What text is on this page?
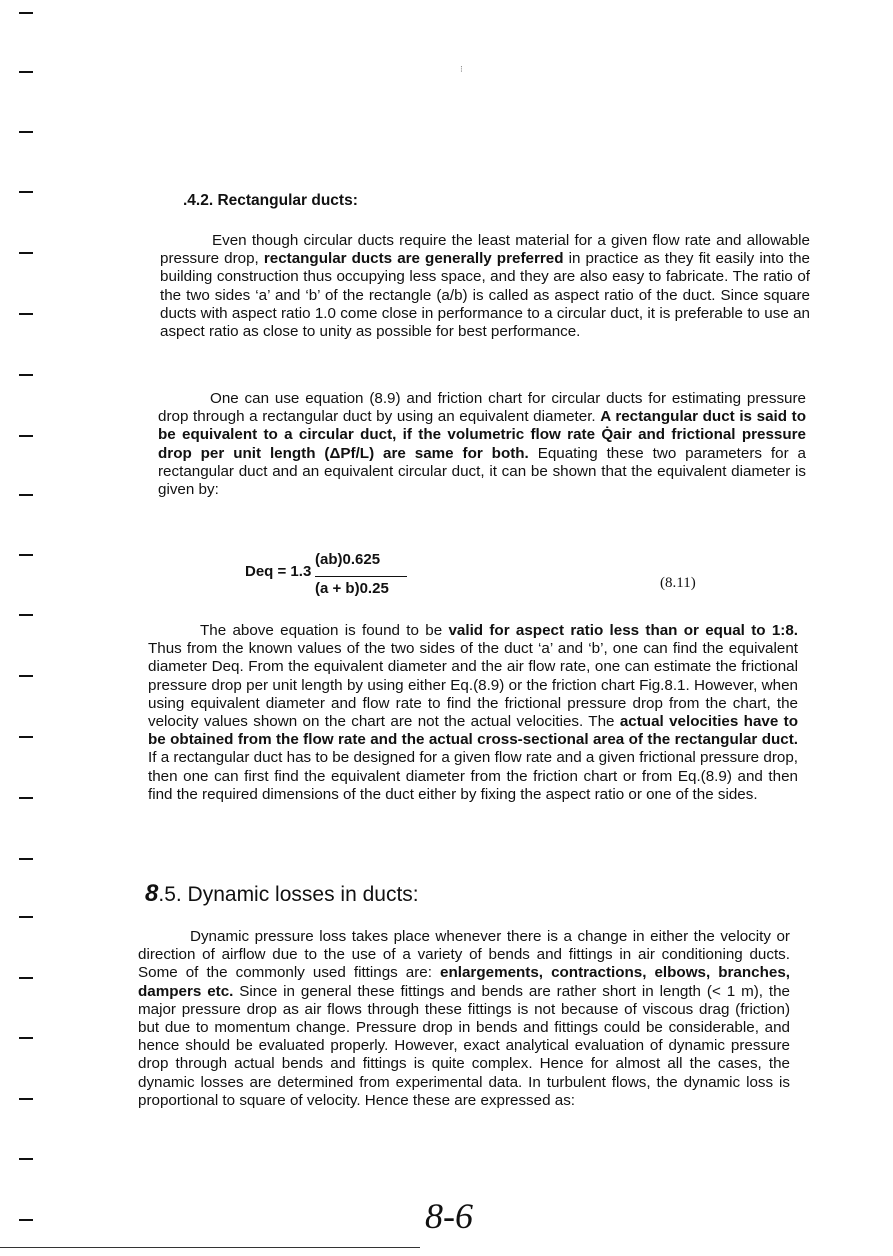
⁝
.4.2. Rectangular ducts:

Even though circular ducts require the least material for a given flow rate and allowable pressure drop, rectangular ducts are generally preferred in practice as they fit easily into the building construction thus occupying less space, and they are also easy to fabricate. The ratio of the two sides ‘a’ and ‘b’ of the rectangle (a/b) is called as aspect ratio of the duct. Since square ducts with aspect ratio 1.0 come close in performance to a circular duct, it is preferable to use an aspect ratio as close to unity as possible for best performance.

One can use equation (8.9) and friction chart for circular ducts for estimating pressure drop through a rectangular duct by using an equivalent diameter. A rectangular duct is said to be equivalent to a circular duct, if the volumetric flow rate Q̇air and frictional pressure drop per unit length (ΔPf/L) are same for both. Equating these two parameters for a rectangular duct and an equivalent circular duct, it can be shown that the equivalent diameter is given by:

Deq = 1.3
(ab)0.625
(a + b)0.25	(8.11)

The above equation is found to be valid for aspect ratio less than or equal to 1:8. Thus from the known values of the two sides of the duct ‘a’ and ‘b’, one can find the equivalent diameter Deq. From the equivalent diameter and the air flow rate, one can estimate the frictional pressure drop per unit length by using either Eq.(8.9) or the friction chart Fig.8.1. However, when using equivalent diameter and flow rate to find the frictional pressure drop from the chart, the velocity values shown on the chart are not the actual velocities. The actual velocities have to be obtained from the flow rate and the actual cross-sectional area of the rectangular duct. If a rectangular duct has to be designed for a given flow rate and a given frictional pressure drop, then one can first find the equivalent diameter from the friction chart or from Eq.(8.9) and then find the required dimensions of the duct either by fixing the aspect ratio or one of the sides.

8.5. Dynamic losses in ducts:

Dynamic pressure loss takes place whenever there is a change in either the velocity or direction of airflow due to the use of a variety of bends and fittings in air conditioning ducts. Some of the commonly used fittings are: enlargements, contractions, elbows, branches, dampers etc. Since in general these fittings and bends are rather short in length (< 1 m), the major pressure drop as air flows through these fittings is not because of viscous drag (friction) but due to momentum change. Pressure drop in bends and fittings could be considerable, and hence should be evaluated properly. However, exact analytical evaluation of dynamic pressure drop through actual bends and fittings is quite complex. Hence for almost all the cases, the dynamic losses are determined from experimental data. In turbulent flows, the dynamic loss is proportional to square of velocity. Hence these are expressed as:

8-6
